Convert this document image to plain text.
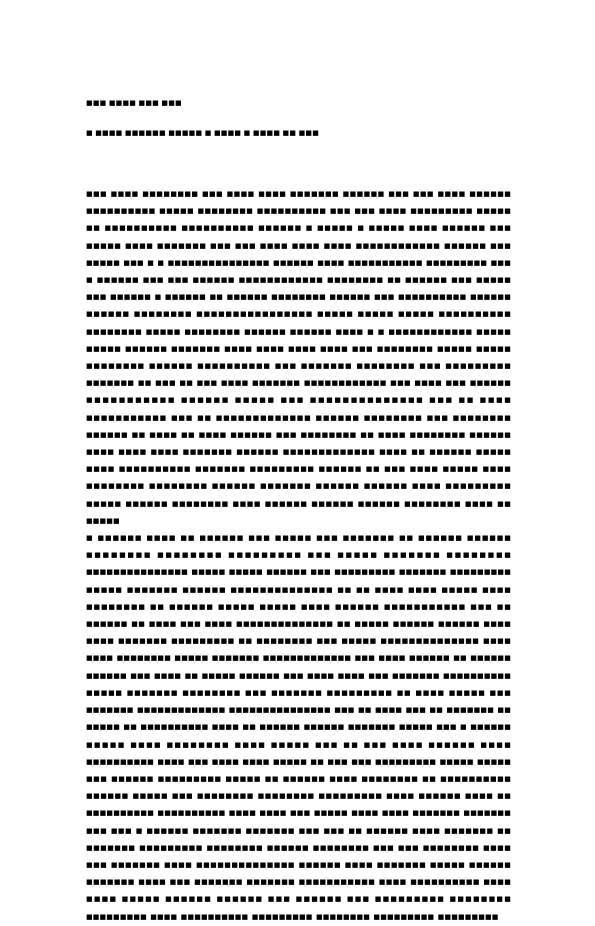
■■■ ■■■■ ■■■ ■■■
■ ■■■■ ■■■■■■ ■■■■■ ■ ■■■■ ■ ■■■■ ■■ ■■■

■■■ ■■■■ ■■■■■■■■ ■■■ ■■■■ ■■■■ ■■■■■■■ ■■■■■■ ■■■ ■■■ ■■■■ ■■■■■■ ■■■■■■■■■■ ■■■■■ ■■■■■■■■ ■■■■■■■■■■ ■■■ ■■■ ■■■■ ■■■■■■■■■ ■■■■■ ■■ ■■■■■■■■■■ ■■■■■■■■■■ ■■■■■■ ■ ■■■■■ ■ ■■■■■ ■■■■ ■■■■■■ ■■■ ■■■■■ ■■■■ ■■■■■■■ ■■■ ■■■ ■■■■ ■■■■ ■■■■ ■■■■■■■■■■■■ ■■■■■■ ■■■ ■■■■■ ■■■ ■ ■ ■■■■■■■■■■■■■■■ ■■■■■■ ■■■■ ■■■■■■■■■■■ ■■■■■■■■■ ■■■ ■ ■■■■■■ ■■■ ■■■ ■■■■■■ ■■■■■■■■■■■■ ■■■■■■■■ ■■ ■■■■■■ ■■■ ■■■■■ ■■■ ■■■■■■ ■ ■■■■■■ ■■ ■■■■■■ ■■■■■■■■ ■■■■■■ ■■■ ■■■■■■■■■■ ■■■■■■ ■■■■■■ ■■■■■■■■ ■■■■■■■■■■■■■■■■ ■■■■■ ■■■■■ ■■■■■ ■■■■■■■■■■ ■■■■■■■■ ■■■■■ ■■■■■■■■ ■■■■■■ ■■■■■■ ■■■■ ■ ■ ■■■■■■■■■■■■ ■■■■■ ■■■■■ ■■■■■■ ■■■■■■■ ■■■■ ■■■■ ■■■■ ■■■■ ■■■ ■■■■■■■■ ■■■■■ ■■■■■ ■■■■■■■■ ■■■■■■ ■■■■■■■■■■ ■■■ ■■■■■■■ ■■■■■■■■ ■■■ ■■■■■■■■■ ■■■■■■■ ■■ ■■■ ■■ ■■■ ■■■■ ■■■■■■■ ■■■■■■■■■■■■ ■■■ ■■■■ ■■■ ■■■■■■ ■■■■■■■■■■■ ■■■■■■ ■■■■■ ■■■ ■■■■■■■■■■■■■■ ■■■ ■■ ■■■■ ■■■■■■■■■■■ ■■■ ■■ ■■■■■■■■■■■■■ ■■■■■■ ■■■■■■■■ ■■■ ■■■■■■■■ ■■■■■■ ■■ ■■■■ ■■ ■■■■ ■■■■■■ ■■■ ■■■■■■■■ ■■ ■■■■ ■■■■■■■■ ■■■■■■ ■■■■ ■■■■ ■■■■ ■■■■■■■ ■■■■■■ ■■■■■■■■■■■■■ ■■■■ ■■ ■■■■■■ ■■■■■ ■■■■ ■■■■■■■■■■ ■■■■■■■ ■■■■■■■■■ ■■■■■■ ■■ ■■■ ■■■■ ■■■■■ ■■■■ ■■■■■■■■ ■■■■■■■■ ■■■■■■ ■■■■■■■ ■■■■■■ ■■■■■■ ■■■■ ■■■■■■■■■ ■■■■■ ■■■■■■ ■■■■■■■■ ■■■■ ■■■■■■ ■■■■■■ ■■■■■■ ■■■■■■■■ ■■■■ ■■ ■■■■■

■ ■■■■■■ ■■■■ ■■ ■■■■■■ ■■■ ■■■■■ ■■■ ■■■■■■■ ■■ ■■■■■■ ■■■■■■ ■■■■■■■■ ■■■■■■■■ ■■■■■■■■■ ■■■ ■■■■■ ■■■■■■■ ■■■■■■■■ ■■■■■■■■■■■■■■■ ■■■■■ ■■■■■ ■■■■■■ ■■■ ■■■■■■■■■ ■■■■■■■ ■■■■■■■■■ ■■■■■ ■■■■■■■ ■■■■■■ ■■■■■■■■■■■■■■ ■■ ■■ ■■■■ ■■■■ ■■■■■ ■■■■ ■■■■■■■■ ■■ ■■■■■■ ■■■■■ ■■■■■ ■■■■ ■■■■■■ ■■■■■■■■■■■ ■■■ ■■ ■■■■■■ ■■ ■■■■ ■■■ ■■■■ ■■■■■■■■■■■■■■ ■■ ■■■■■ ■■■■■■ ■■■■■■ ■■■■ ■■■■ ■■■■■■■ ■■■■■■■■■ ■■ ■■■■■■■■ ■■■ ■■■■■ ■■■■■■■■■■■■■■ ■■■■ ■■■■ ■■■■■■■■ ■■■■■ ■■■■■■■ ■■■■■■■■■■■■■ ■■■ ■■■■ ■■■■■■ ■■ ■■■■■■ ■■■■■■ ■■■ ■■■■ ■■ ■■■■■ ■■■■■■ ■■■ ■■■■ ■■■■ ■■■ ■■■■■■■ ■■■■■■■■■■ ■■■■■ ■■■■■■■ ■■■■■■■■ ■■■ ■■■■■■■ ■■■■■■■■■ ■■ ■■■■ ■■■■■ ■■■ ■■■■■■■ ■■■■■■■■■■■■■ ■■■■■■■■■■■■■■■ ■■■ ■■ ■■■■ ■■■ ■■ ■■■■■■■ ■■ ■■■■■ ■■ ■■■■■■■■■■ ■■■■ ■■ ■■■■■■ ■■■■■■ ■■■■■■■ ■■■■■ ■■■ ■ ■■■■■■ ■■■■■ ■■■■ ■■■■■■■■ ■■■■ ■■■■■ ■■■ ■■ ■■■ ■■■■ ■■■■■■ ■■■■ ■■■■■■■■■■ ■■■■ ■■■ ■■■■ ■■■■ ■■■■■ ■■ ■■■ ■■■ ■■■■■■■■■ ■■■■■ ■■■■■ ■■■ ■■■■■■ ■■■■■■■■■ ■■■■■ ■■ ■■■■■■ ■■■■ ■■■■■■■■ ■■ ■■■■■■■■■■ ■■■■■■ ■■■■■ ■■■ ■■■■■■■■ ■■■■■■■■ ■■■■■■■■■ ■■■■ ■■■■■■ ■■■■ ■■ ■■■■■■■■■■ ■■■■■■■■■■ ■■■■ ■■■■ ■■■ ■■■■■ ■■■■ ■■■■ ■■■■■■■ ■■■■■■■ ■■■ ■■■ ■ ■■■■■■ ■■■■■■■ ■■■■■■■ ■■■ ■■■ ■■ ■■■■■■ ■■■■ ■■■■■■■ ■■ ■■■■■■■ ■■■■■■■■■ ■■■■■■■■ ■■■■■■ ■■■■■■■■ ■■■ ■■■ ■■■■■■■■ ■■■■ ■■■ ■■■■■■■ ■■■■ ■■■■■■■■■■■■■■ ■■■■■■ ■■■■ ■■■■■■■ ■■■■■ ■■■■■■ ■■■■■■■ ■■■■ ■■■ ■■■■■■■ ■■■■■■■ ■■■■■■■■■■■ ■■■■ ■■■■■■■■■■ ■■■■ ■■■■ ■■■■■ ■■■■■■ ■■■■■■ ■■■ ■■■■■■ ■■■ ■■■■■■■■■ ■■■■■■■■ ■■■■■■■■■ ■■■■ ■■■■■■■■■■ ■■■■■■■■■ ■■■■■■■■ ■■■■■■■■■ ■■■■■■■■■
